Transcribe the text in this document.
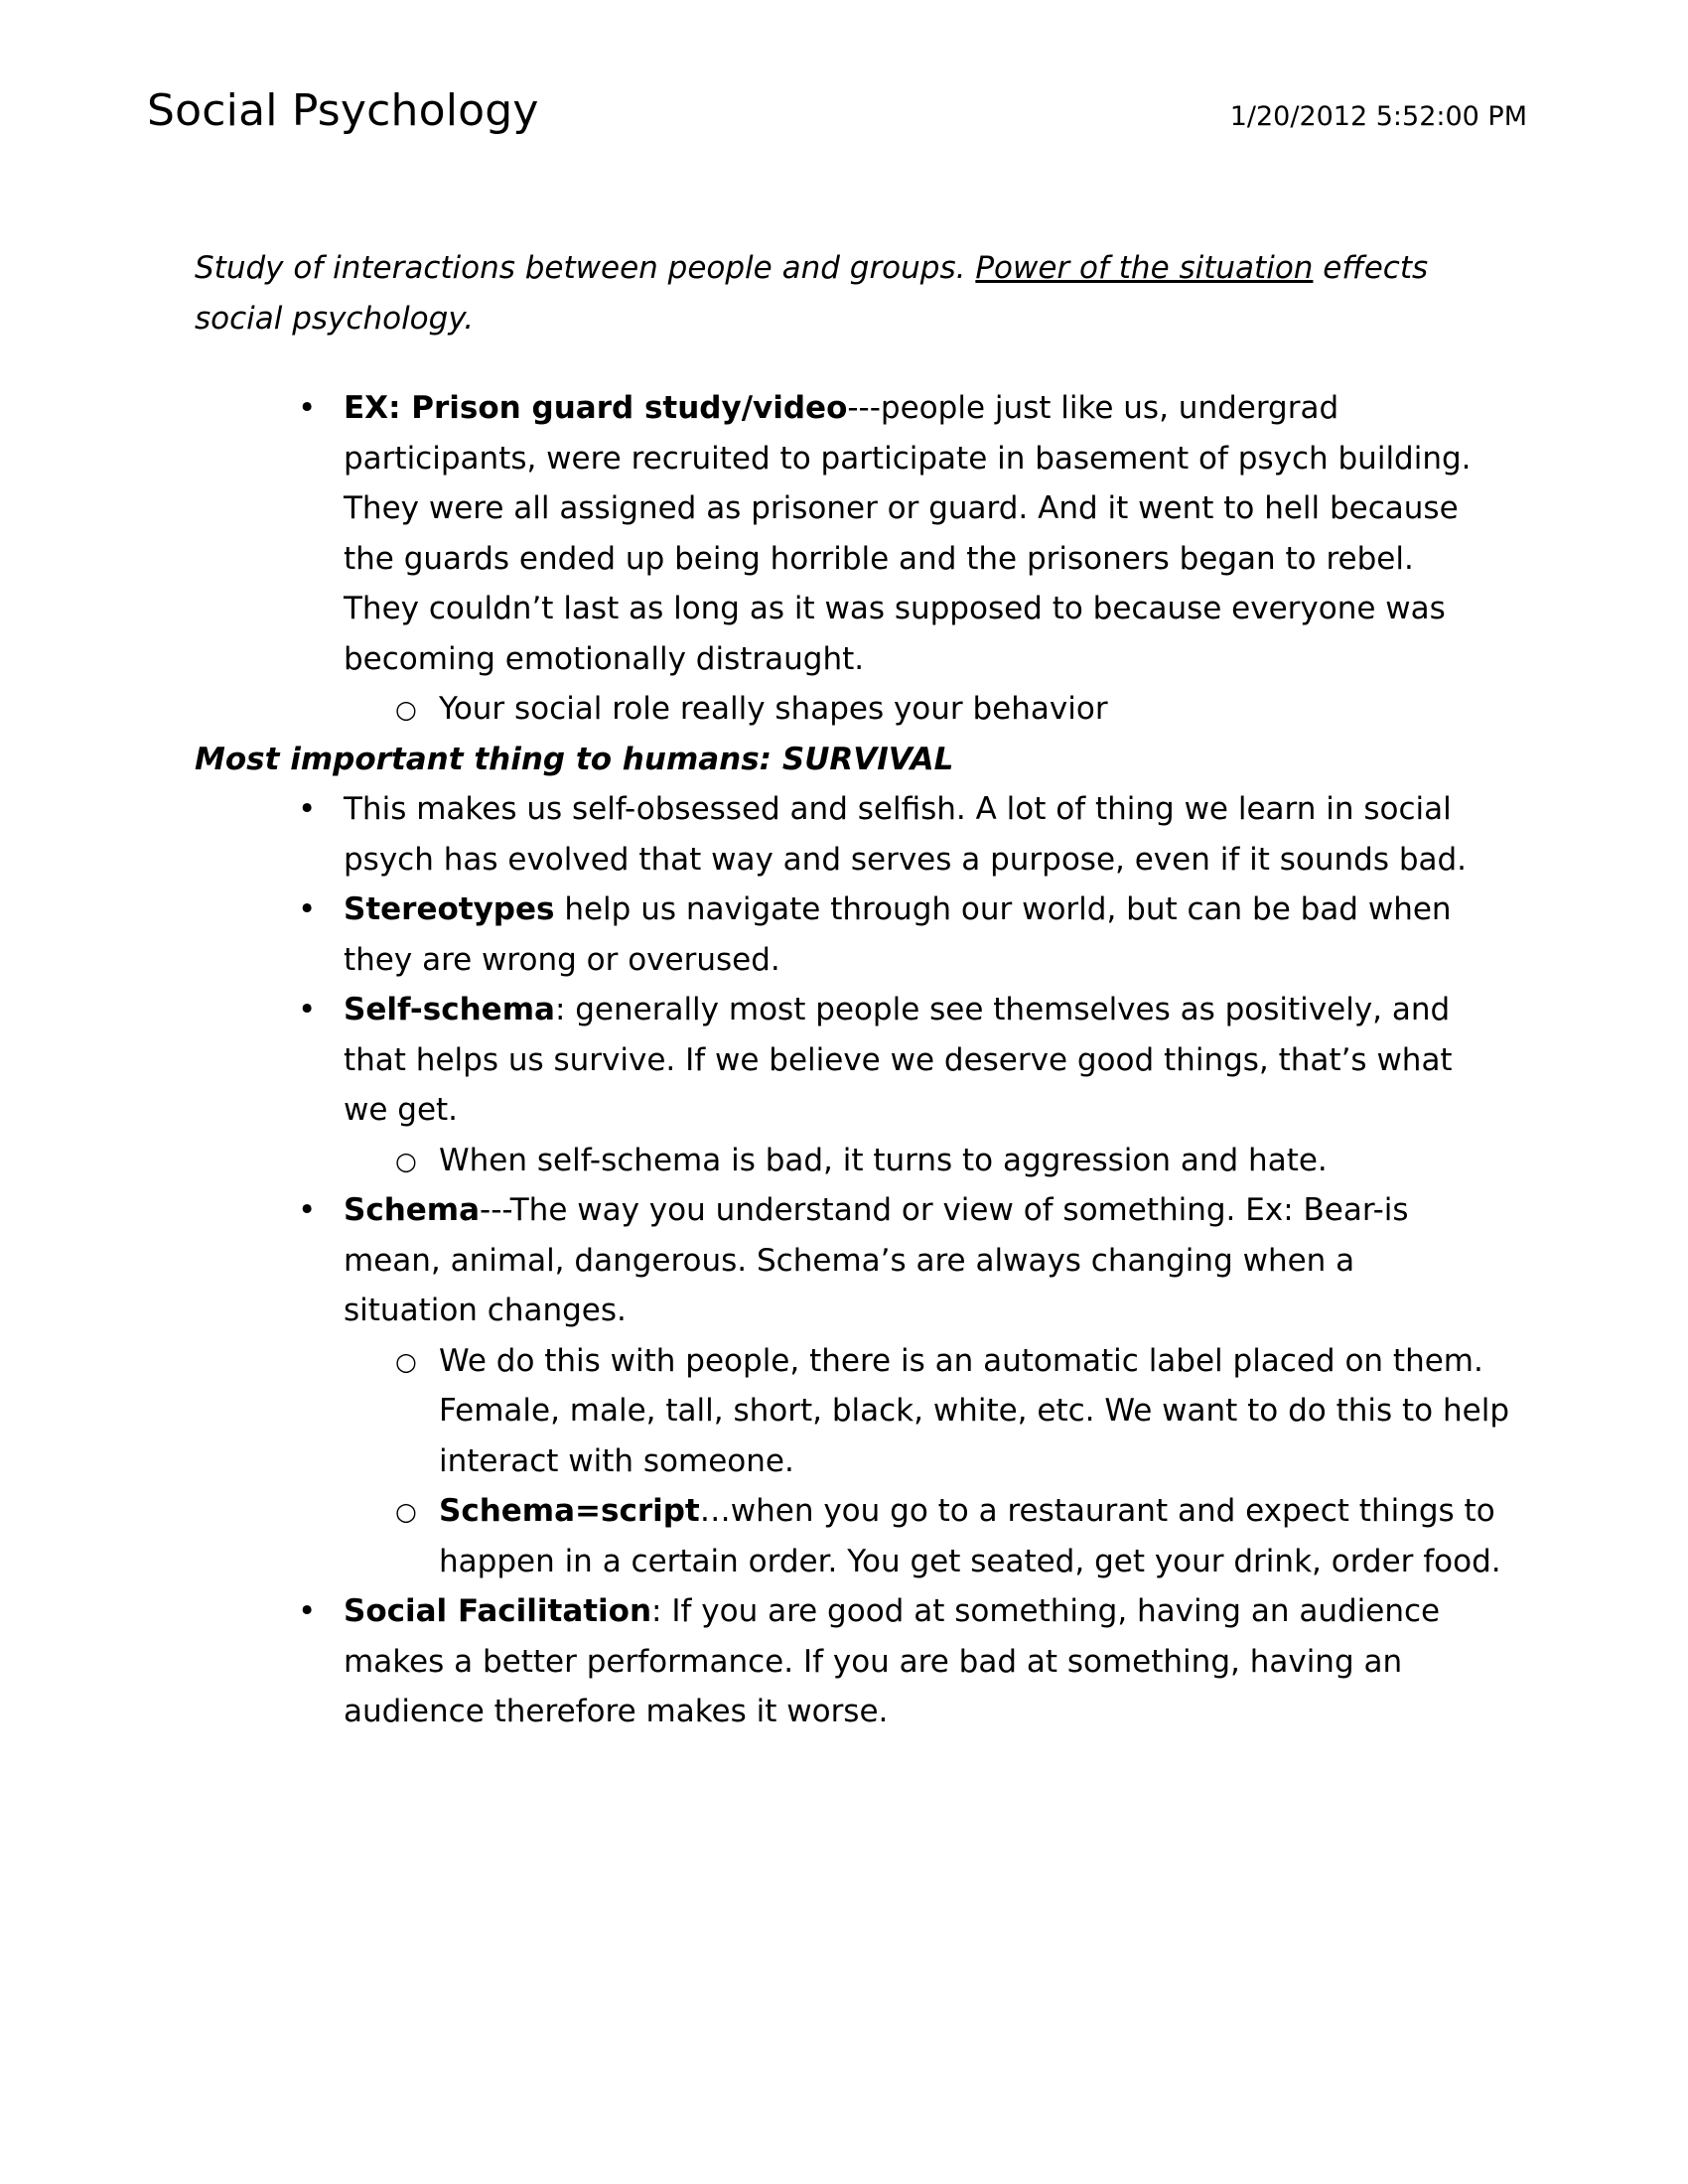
Social Psychology	1/20/2012 5:52:00 PM

Study of interactions between people and groups. Power of the situation effects social psychology.

• EX: Prison guard study/video---people just like us, undergrad participants, were recruited to participate in basement of psych building. They were all assigned as prisoner or guard. And it went to hell because the guards ended up being horrible and the prisoners began to rebel. They couldn’t last as long as it was supposed to because everyone was becoming emotionally distraught.
○ Your social role really shapes your behavior

Most important thing to humans: SURVIVAL

• This makes us self-obsessed and selfish. A lot of thing we learn in social psych has evolved that way and serves a purpose, even if it sounds bad.
• Stereotypes help us navigate through our world, but can be bad when they are wrong or overused.
• Self-schema: generally most people see themselves as positively, and that helps us survive. If we believe we deserve good things, that’s what we get.
○ When self-schema is bad, it turns to aggression and hate.
• Schema---The way you understand or view of something. Ex: Bear-is mean, animal, dangerous. Schema’s are always changing when a situation changes.
○ We do this with people, there is an automatic label placed on them. Female, male, tall, short, black, white, etc. We want to do this to help interact with someone.
○ Schema=script…when you go to a restaurant and expect things to happen in a certain order. You get seated, get your drink, order food.
• Social Facilitation: If you are good at something, having an audience makes a better performance. If you are bad at something, having an audience therefore makes it worse.
